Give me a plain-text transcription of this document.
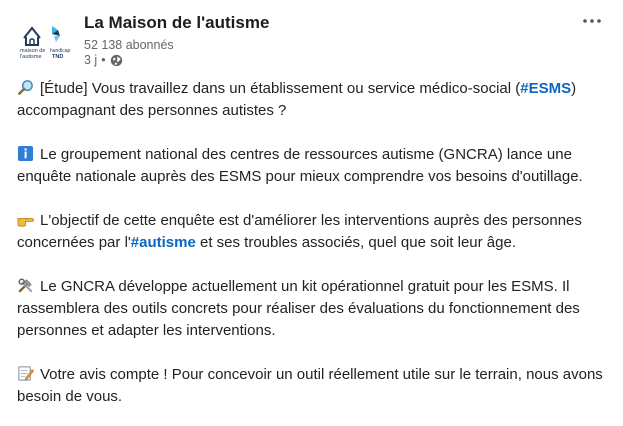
maison de
l'autisme
handicap
TND
La Maison de l'autisme
52 138 abonnés
3 j •

[Étude] Vous travaillez dans un établissement ou service médico-social (#ESMS) accompagnant des personnes autistes ?

Le groupement national des centres de ressources autisme (GNCRA) lance une enquête nationale auprès des ESMS pour mieux comprendre vos besoins d'outillage.

L'objectif de cette enquête est d'améliorer les interventions auprès des personnes concernées par l'#autisme et ses troubles associés, quel que soit leur âge.

Le GNCRA développe actuellement un kit opérationnel gratuit pour les ESMS. Il rassemblera des outils concrets pour réaliser des évaluations du fonctionnement des personnes et adapter les interventions.

Votre avis compte ! Pour concevoir un outil réellement utile sur le terrain, nous avons besoin de vous.
